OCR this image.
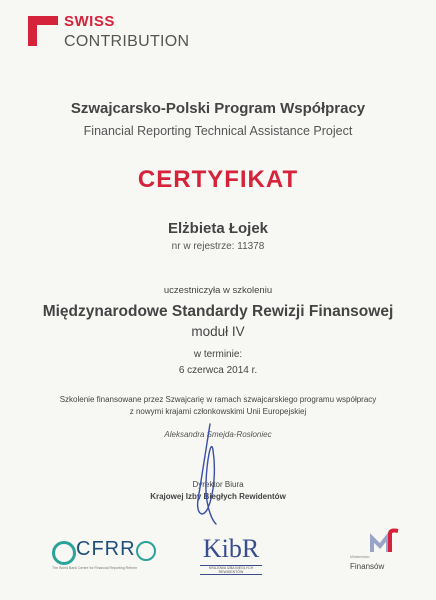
SWISS
CONTRIBUTION
Szwajcarsko-Polski Program Współpracy
Financial Reporting Technical Assistance Project
CERTYFIKAT
Elżbieta Łojek
nr w rejestrze: 11378
uczestniczyła w szkoleniu
Międzynarodowe Standardy Rewizji Finansowej
moduł IV
w terminie:
6 czerwca 2014 r.
Szkolenie finansowane przez Szwajcarię w ramach szwajcarskiego programu współpracy
z nowymi krajami członkowskimi Unii Europejskiej
Aleksandra Smejda-Rosłoniec
Dyrektor Biura
Krajowej Izby Biegłych Rewidentów
CFRR
The World Bank Centre for Financial Reporting Reform
KibR
KRAJOWA IZBA BIEGŁYCH REWIDENTÓW
Ministerstwo
Finansów
